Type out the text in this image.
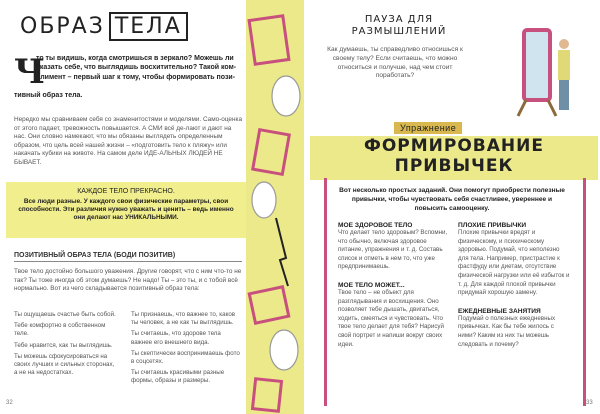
ОБРАЗ ТЕЛА
Ч
то ты видишь, когда смотришься в зеркало? Можешь ли
сказать себе, что выглядишь восхитительно? Такой ком-
плимент – первый шаг к тому, чтобы формировать пози-
тивный образ тела.
Нередко мы сравниваем себя со знаменитостями и моделями. Само-оценка от этого падает, тревожность повышается. А СМИ всё де-лают и дают на нас. Они словно намекают, что мы обязаны выглядеть определенным образом, что цель всей нашей жизни – «подготовить тело к пляжу» или накачать кубики на животе. На самом деле ИДЕ-АЛЬНЫХ ЛЮДЕЙ НЕ БЫВАЕТ.
КАЖДОЕ ТЕЛО ПРЕКРАСНО.
Все люди разные. У каждого свои физические параметры, свои способности. Эти различия нужно уважать и ценить – ведь именно они делают нас УНИКАЛЬНЫМИ.
ПОЗИТИВНЫЙ ОБРАЗ ТЕЛА (БОДИ ПОЗИТИВ)
Твое тело достойно большого уважения. Другие говорят, что с ним что-то не так? Ты тоже иногда об этом думаешь? Не надо! Ты – это ты, и с тобой всё нормально. Вот из чего складывается позитивный образ тела:
Ты ощущаешь счастье быть собой.
Тебе комфортно в собственном теле.
Тебе нравится, как ты выглядишь.
Ты можешь сфокусироваться на своих лучших и сильных сторонах, а не на недостатках.
Ты признаешь, что важнее то, каков ты человек, а не как ты выглядишь.
Ты считаешь, что здорове тела важнее его внешнего вида.
Ты скептически воспринимаешь фото в соцсетях.
Ты считаешь красивыми разные формы, образы и размеры.
32
ПАУЗА ДЛЯ РАЗМЫШЛЕНИЙ
Как думаешь, ты справедливо относишься к своему телу? Если считаешь, что можно относиться и получше, над чем стоит поработать?
Упражнение
ФОРМИРОВАНИЕ ПРИВЫЧЕК
Вот несколько простых заданий. Они помогут приобрести полезные привычки, чтобы чувствовать себя счастливее, увереннее и повысить самооценку.
МОЕ ЗДОРОВОЕ ТЕЛО
Что делает тело здоровым? Вспомни, что обычно, включая здоровое питание, упражнения и т. д. Составь список и отметь в нем то, что уже предпринимаешь.
МОЕ ТЕЛО МОЖЕТ...
Твое тело – не объект для разглядывания и восхищения. Оно позволяет тебе дышать, двигаться, ходить, смеяться и чувствовать. Что твое тело делает для тебя? Нарисуй свой портрет и напиши вокруг своих идеи.
ПЛОХИЕ ПРИВЫЧКИ
Плохие привычки вредят и физическому, и психическому здоровью. Подумай, что неполезно для тела. Например, пристрастие к фастфуду или диетам, отсутствие физической нагрузки или её избыток и т. д. Для каждой плохой привычки придумай хорошую замену.
ЕЖЕДНЕВНЫЕ ЗАНЯТИЯ
Подумай о полезных ежедневных привычках. Как бы тебе жилось с ними? Каким из них ты можешь следовать и почему?
33
